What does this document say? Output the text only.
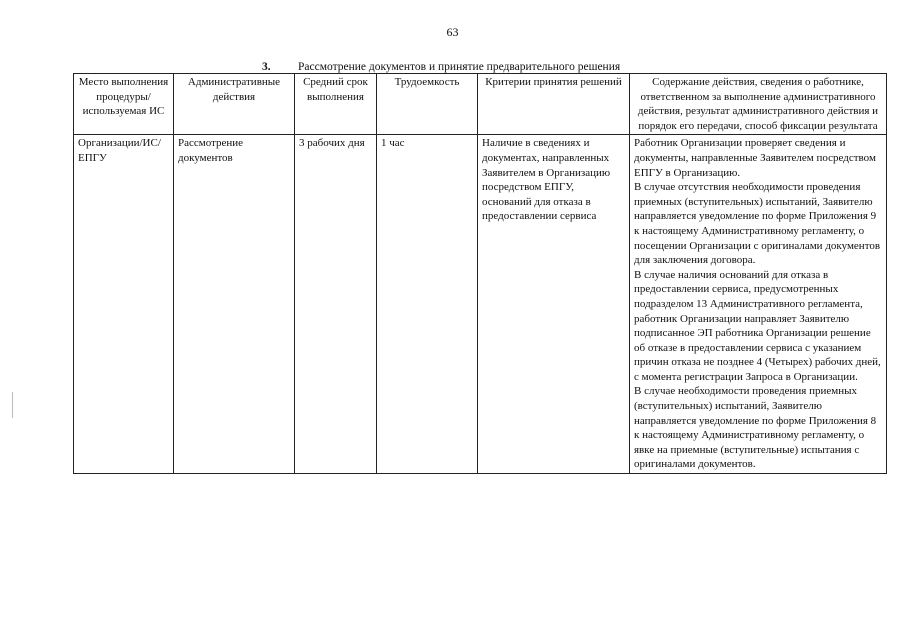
63
3. Рассмотрение документов и принятие предварительного решения
Место выполнения процедуры/используемая ИС	Административные действия	Средний срок выполнения	Трудоемкость	Критерии принятия решений	Содержание действия, сведения о работнике, ответственном за выполнение административного действия, результат административного действия и порядок его передачи, способ фиксации результата
Организации/ИС/ЕПГУ	Рассмотрение документов	3 рабочих дня	1 час	Наличие в сведениях и документах, направленных Заявителем в Организацию посредством ЕПГУ, оснований для отказа в предоставлении сервиса	Работник Организации проверяет сведения и документы, направленные Заявителем посредством ЕПГУ в Организацию.
В случае отсутствия необходимости проведения приемных (вступительных) испытаний, Заявителю направляется уведомление по форме Приложения 9 к настоящему Административному регламенту, о посещении Организации с оригиналами документов для заключения договора.
В случае наличия оснований для отказа в предоставлении сервиса, предусмотренных подразделом 13 Административного регламента, работник Организации направляет Заявителю подписанное ЭП работника Организации решение об отказе в предоставлении сервиса с указанием причин отказа не позднее 4 (Четырех) рабочих дней, с момента регистрации Запроса в Организации.
В случае необходимости проведения приемных (вступительных) испытаний, Заявителю направляется уведомление по форме Приложения 8 к настоящему Административному регламенту, о явке на приемные (вступительные) испытания с оригиналами документов.
